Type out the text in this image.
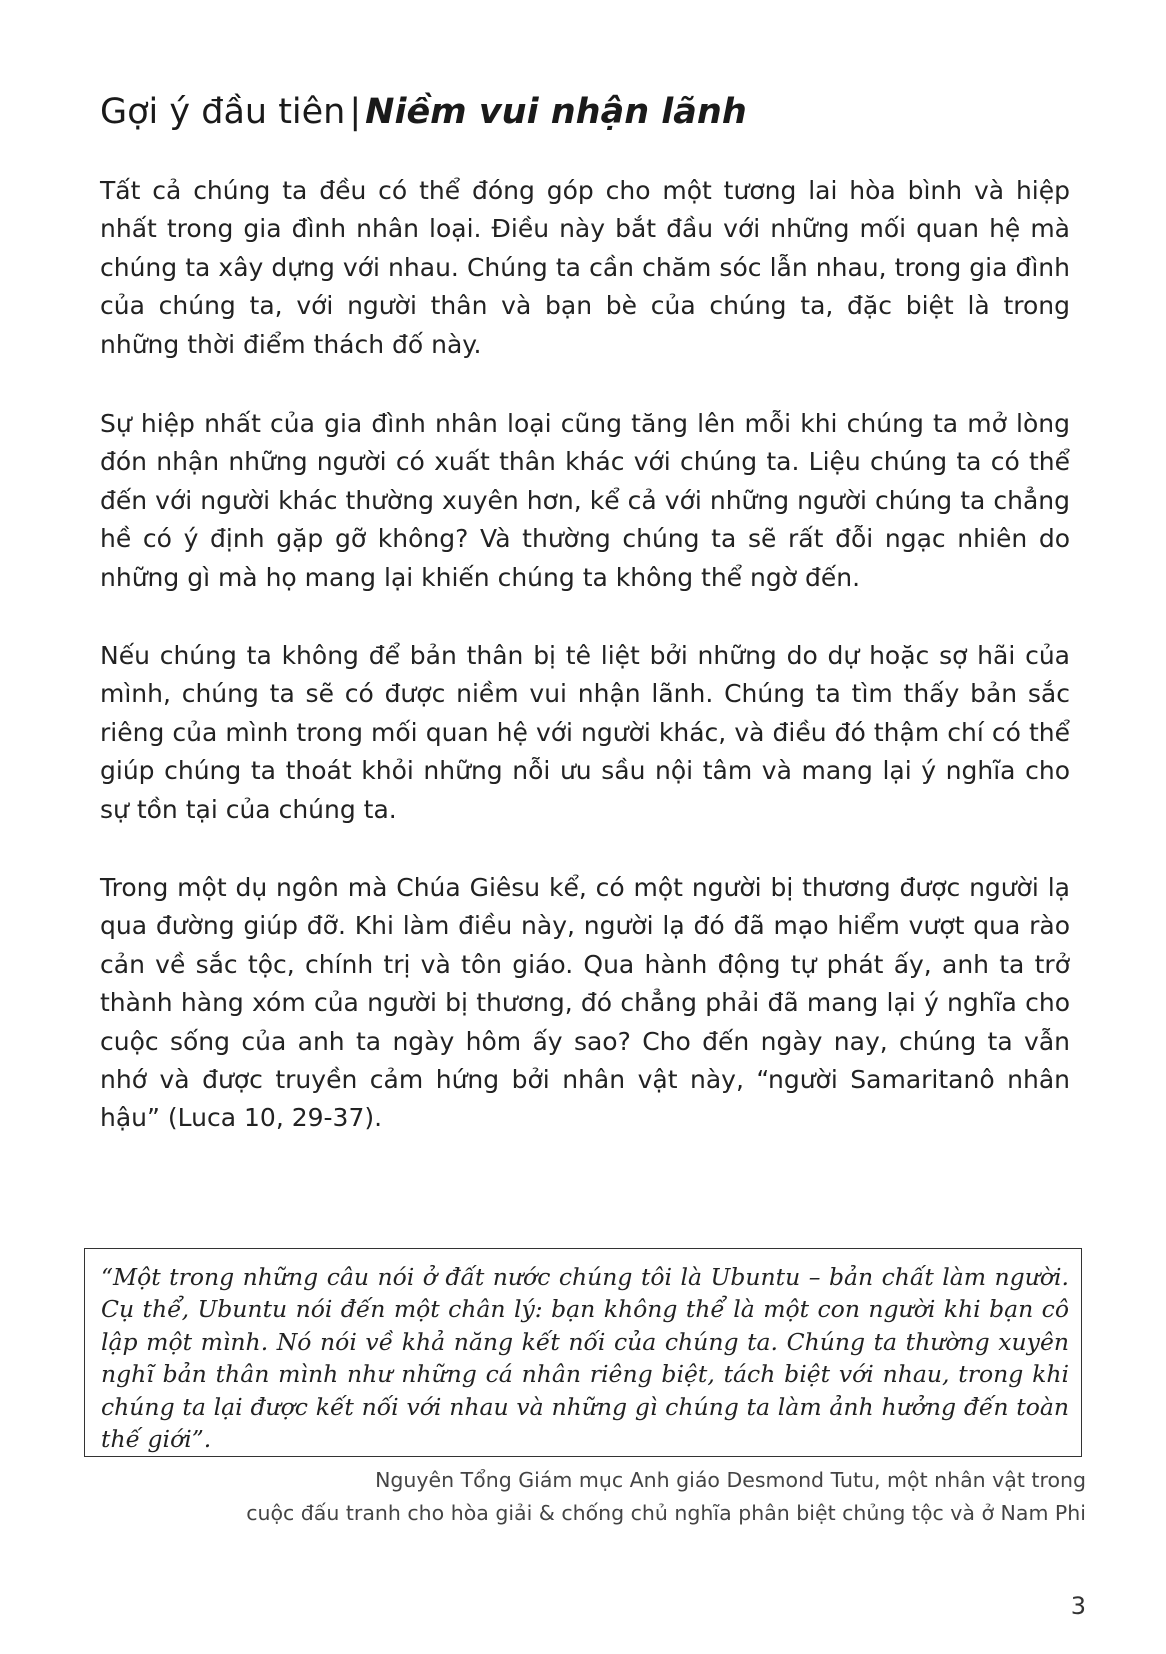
Gợi ý đầu tiên | Niềm vui nhận lãnh

Tất cả chúng ta đều có thể đóng góp cho một tương lai hòa bình và hiệp nhất trong gia đình nhân loại. Điều này bắt đầu với những mối quan hệ mà chúng ta xây dựng với nhau. Chúng ta cần chăm sóc lẫn nhau, trong gia đình của chúng ta, với người thân và bạn bè của chúng ta, đặc biệt là trong những thời điểm thách đố này.

Sự hiệp nhất của gia đình nhân loại cũng tăng lên mỗi khi chúng ta mở lòng đón nhận những người có xuất thân khác với chúng ta. Liệu chúng ta có thể đến với người khác thường xuyên hơn, kể cả với những người chúng ta chẳng hề có ý định gặp gỡ không? Và thường chúng ta sẽ rất đỗi ngạc nhiên do những gì mà họ mang lại khiến chúng ta không thể ngờ đến.

Nếu chúng ta không để bản thân bị tê liệt bởi những do dự hoặc sợ hãi của mình, chúng ta sẽ có được niềm vui nhận lãnh. Chúng ta tìm thấy bản sắc riêng của mình trong mối quan hệ với người khác, và điều đó thậm chí có thể giúp chúng ta thoát khỏi những nỗi ưu sầu nội tâm và mang lại ý nghĩa cho sự tồn tại của chúng ta.

Trong một dụ ngôn mà Chúa Giêsu kể, có một người bị thương được người lạ qua đường giúp đỡ. Khi làm điều này, người lạ đó đã mạo hiểm vượt qua rào cản về sắc tộc, chính trị và tôn giáo. Qua hành động tự phát ấy, anh ta trở thành hàng xóm của người bị thương, đó chẳng phải đã mang lại ý nghĩa cho cuộc sống của anh ta ngày hôm ấy sao? Cho đến ngày nay, chúng ta vẫn nhớ và được truyền cảm hứng bởi nhân vật này, “người Samaritanô nhân hậu” (Luca 10, 29-37).

“Một trong những câu nói ở đất nước chúng tôi là Ubuntu – bản chất làm người. Cụ thể, Ubuntu nói đến một chân lý: bạn không thể là một con người khi bạn cô lập một mình. Nó nói về khả năng kết nối của chúng ta. Chúng ta thường xuyên nghĩ bản thân mình như những cá nhân riêng biệt, tách biệt với nhau, trong khi chúng ta lại được kết nối với nhau và những gì chúng ta làm ảnh hưởng đến toàn thế giới”.

Nguyên Tổng Giám mục Anh giáo Desmond Tutu, một nhân vật trong
cuộc đấu tranh cho hòa giải & chống chủ nghĩa phân biệt chủng tộc và ở Nam Phi
3
